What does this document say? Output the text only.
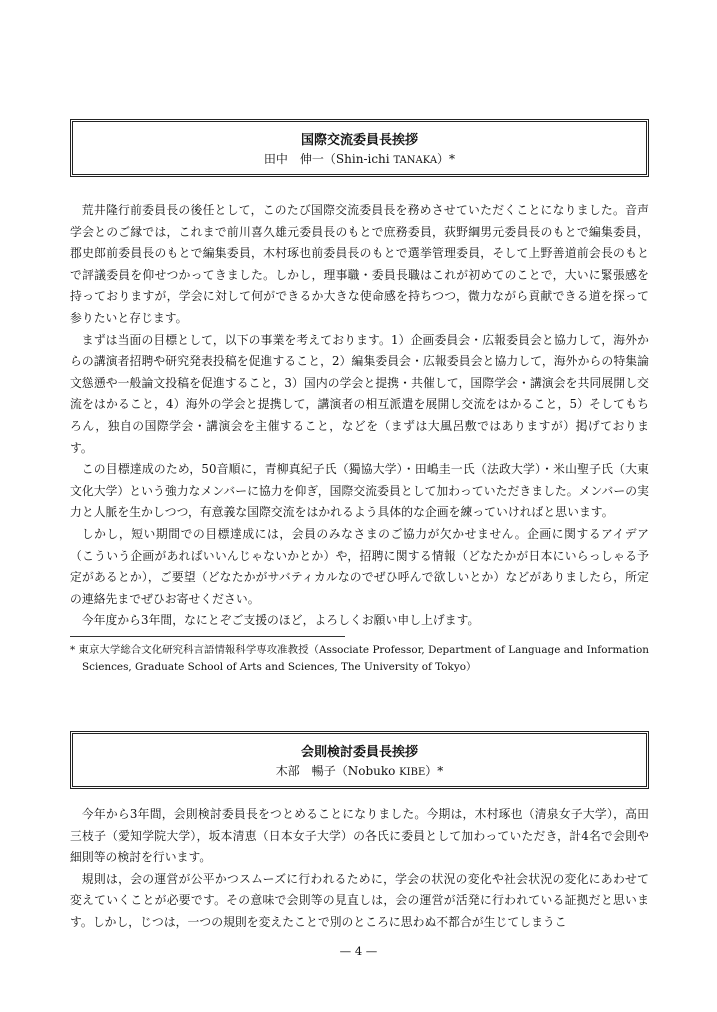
国際交流委員長挨拶
田中　伸一（Shin-ichi TANAKA）*

荒井隆行前委員長の後任として，このたび国際交流委員長を務めさせていただくことになりました。音声学会とのご縁では，これまで前川喜久雄元委員長のもとで庶務委員，荻野綱男元委員長のもとで編集委員，郡史郎前委員長のもとで編集委員，木村琢也前委員長のもとで選挙管理委員，そして上野善道前会長のもとで評議委員を仰せつかってきました。しかし，理事職・委員長職はこれが初めてのことで，大いに緊張感を持っておりますが，学会に対して何ができるか大きな使命感を持ちつつ，微力ながら貢献できる道を探って参りたいと存じます。

まずは当面の目標として，以下の事業を考えております。1）企画委員会・広報委員会と協力して，海外からの講演者招聘や研究発表投稿を促進すること，2）編集委員会・広報委員会と協力して，海外からの特集論文慫慂や一般論文投稿を促進すること，3）国内の学会と提携・共催して，国際学会・講演会を共同展開し交流をはかること，4）海外の学会と提携して，講演者の相互派遣を展開し交流をはかること，5）そしてもちろん，独自の国際学会・講演会を主催すること，などを（まずは大風呂敷ではありますが）掲げております。

この目標達成のため，50音順に，青柳真紀子氏（獨協大学）・田嶋圭一氏（法政大学）・米山聖子氏（大東文化大学）という強力なメンバーに協力を仰ぎ，国際交流委員として加わっていただきました。メンバーの実力と人脈を生かしつつ，有意義な国際交流をはかれるよう具体的な企画を練っていければと思います。

しかし，短い期間での目標達成には，会員のみなさまのご協力が欠かせません。企画に関するアイデア（こういう企画があればいいんじゃないかとか）や，招聘に関する情報（どなたかが日本にいらっしゃる予定があるとか），ご要望（どなたかがサバティカルなのでぜひ呼んで欲しいとか）などがありましたら，所定の連絡先までぜひお寄せください。

今年度から3年間，なにとぞご支援のほど，よろしくお願い申し上げます。

* 東京大学総合文化研究科言語情報科学専攻准教授（Associate Professor, Department of Language and Information Sciences, Graduate School of Arts and Sciences, The University of Tokyo）
会則検討委員長挨拶
木部　暢子（Nobuko KIBE）*

今年から3年間，会則検討委員長をつとめることになりました。今期は，木村琢也（清泉女子大学），高田三枝子（愛知学院大学），坂本清恵（日本女子大学）の各氏に委員として加わっていただき，計4名で会則や細則等の検討を行います。

規則は，会の運営が公平かつスムーズに行われるために，学会の状況の変化や社会状況の変化にあわせて変えていくことが必要です。その意味で会則等の見直しは，会の運営が活発に行われている証拠だと思います。しかし，じつは，一つの規則を変えたことで別のところに思わぬ不都合が生じてしまうこ

— 4 —
